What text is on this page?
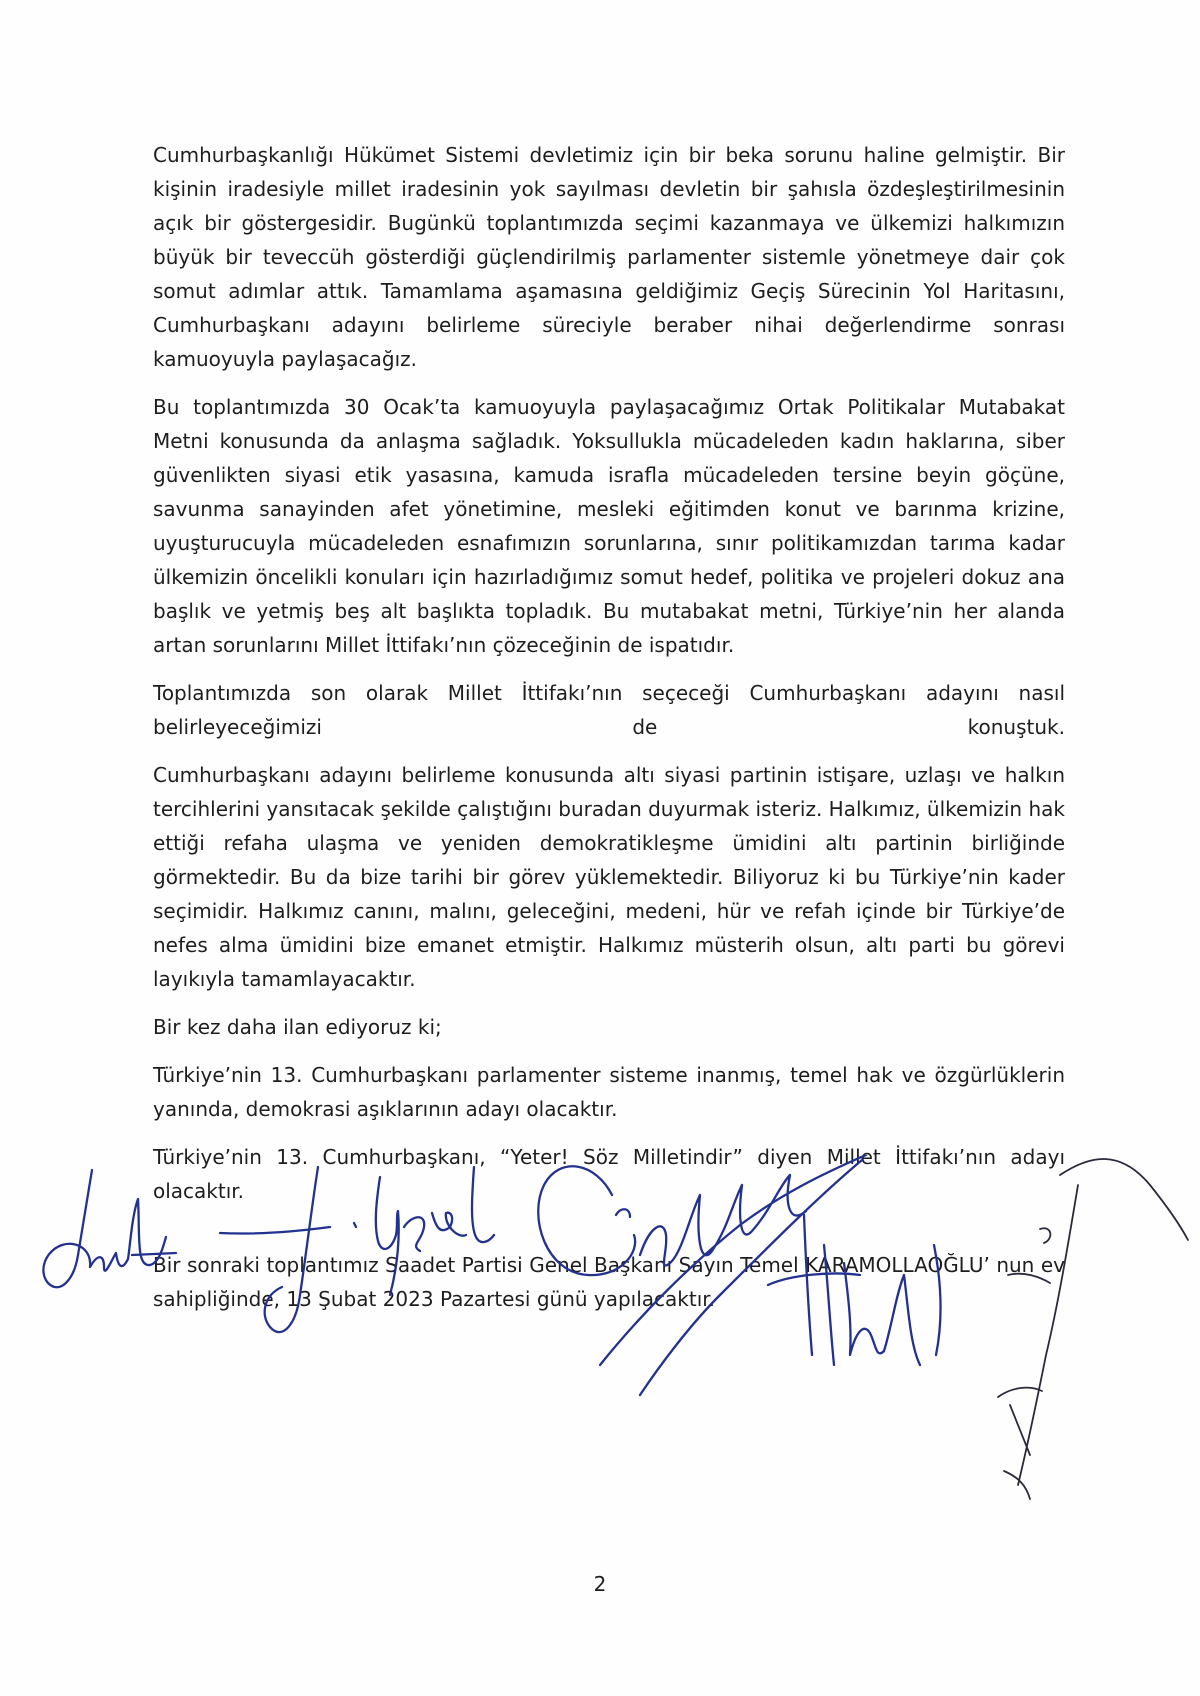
Cumhurbaşkanlığı Hükümet Sistemi devletimiz için bir beka sorunu haline gelmiştir. Bir kişinin iradesiyle millet iradesinin yok sayılması devletin bir şahısla özdeşleştirilmesinin açık bir göstergesidir. Bugünkü toplantımızda seçimi kazanmaya ve ülkemizi halkımızın büyük bir teveccüh gösterdiği güçlendirilmiş parlamenter sistemle yönetmeye dair çok somut adımlar attık. Tamamlama aşamasına geldiğimiz Geçiş Sürecinin Yol Haritasını, Cumhurbaşkanı adayını belirleme süreciyle beraber nihai değerlendirme sonrası kamuoyuyla paylaşacağız.

Bu toplantımızda 30 Ocak’ta kamuoyuyla paylaşacağımız Ortak Politikalar Mutabakat Metni konusunda da anlaşma sağladık. Yoksullukla mücadeleden kadın haklarına, siber güvenlikten siyasi etik yasasına, kamuda israfla mücadeleden tersine beyin göçüne, savunma sanayinden afet yönetimine, mesleki eğitimden konut ve barınma krizine, uyuşturucuyla mücadeleden esnafımızın sorunlarına, sınır politikamızdan tarıma kadar ülkemizin öncelikli konuları için hazırladığımız somut hedef, politika ve projeleri dokuz ana başlık ve yetmiş beş alt başlıkta topladık. Bu mutabakat metni, Türkiye’nin her alanda artan sorunlarını Millet İttifakı’nın çözeceğinin de ispatıdır.

Toplantımızda son olarak Millet İttifakı’nın seçeceği Cumhurbaşkanı adayını nasıl belirleyeceğimizi de konuştuk.

Cumhurbaşkanı adayını belirleme konusunda altı siyasi partinin istişare, uzlaşı ve halkın tercihlerini yansıtacak şekilde çalıştığını buradan duyurmak isteriz. Halkımız, ülkemizin hak ettiği refaha ulaşma ve yeniden demokratikleşme ümidini altı partinin birliğinde görmektedir. Bu da bize tarihi bir görev yüklemektedir. Biliyoruz ki bu Türkiye’nin kader seçimidir. Halkımız canını, malını, geleceğini, medeni, hür ve refah içinde bir Türkiye’de nefes alma ümidini bize emanet etmiştir. Halkımız müsterih olsun, altı parti bu görevi layıkıyla tamamlayacaktır.

Bir kez daha ilan ediyoruz ki;

Türkiye’nin 13. Cumhurbaşkanı parlamenter sisteme inanmış, temel hak ve özgürlüklerin yanında, demokrasi aşıklarının adayı olacaktır.

Türkiye’nin 13. Cumhurbaşkanı, “Yeter! Söz Milletindir” diyen Millet İttifakı’nın adayı olacaktır.

Bir sonraki toplantımız Saadet Partisi Genel Başkanı Sayın Temel KARAMOLLAOĞLU’ nun ev sahipliğinde, 13 Şubat 2023 Pazartesi günü yapılacaktır.

2
